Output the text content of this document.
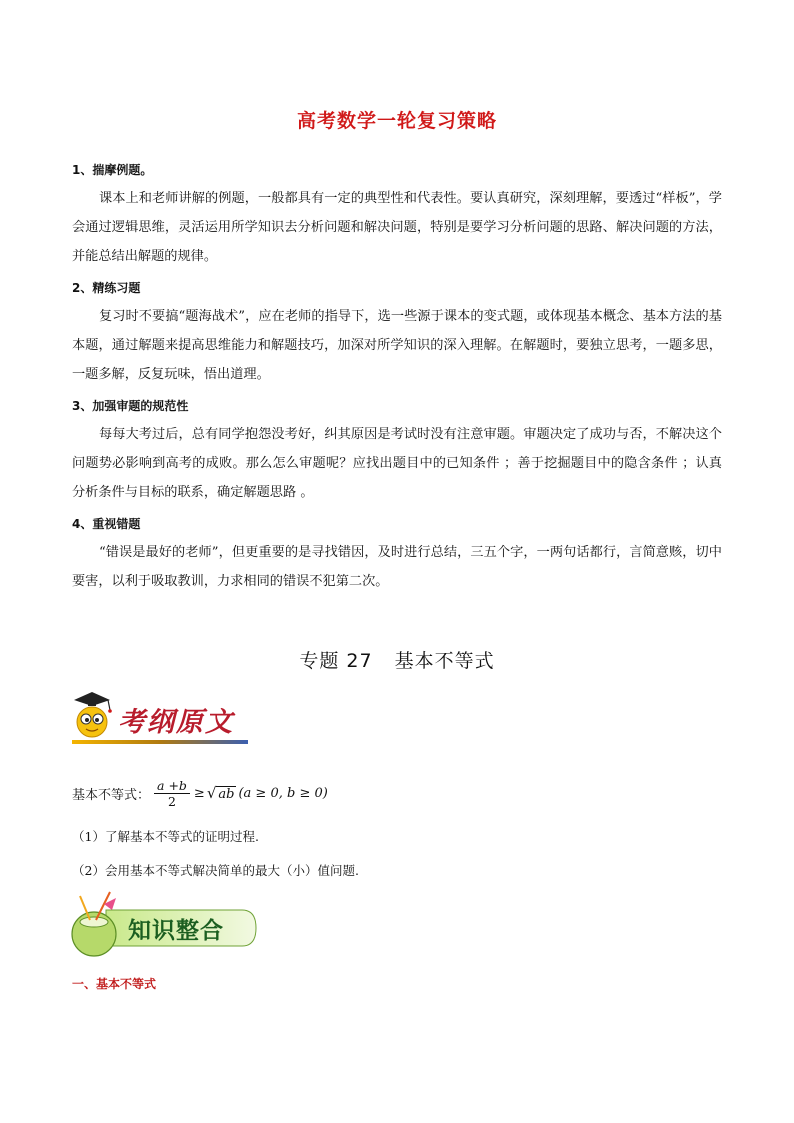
高考数学一轮复习策略
1、揣摩例题。
课本上和老师讲解的例题，一般都具有一定的典型性和代表性。要认真研究，深刻理解，要透过“样板”，学会通过逻辑思维，灵活运用所学知识去分析问题和解决问题，特别是要学习分析问题的思路、解决问题的方法，并能总结出解题的规律。
2、精练习题
复习时不要搞“题海战术”，应在老师的指导下，选一些源于课本的变式题，或体现基本概念、基本方法的基本题，通过解题来提高思维能力和解题技巧，加深对所学知识的深入理解。在解题时，要独立思考，一题多思，一题多解，反复玩味，悟出道理。
3、加强审题的规范性
每每大考过后，总有同学抱怨没考好，纠其原因是考试时没有注意审题。审题决定了成功与否，不解决这个问题势必影响到高考的成败。那么怎么审题呢？应找出题目中的已知条件 ；善于挖掘题目中的隐含条件 ；认真分析条件与目标的联系，确定解题思路 。
4、重视错题
“错误是最好的老师”，但更重要的是寻找错因，及时进行总结，三五个字，一两句话都行，言简意赅，切中要害，以利于吸取教训，力求相同的错误不犯第二次。
专题 27 基本不等式
考纲原文
基本不等式： $\frac{a +b}{2}$ ≥ √ ab (a ≥ 0, b ≥ 0)
（1）了解基本不等式的证明过程.
（2）会用基本不等式解决简单的最大（小）值问题.
知识整合
一、基本不等式
